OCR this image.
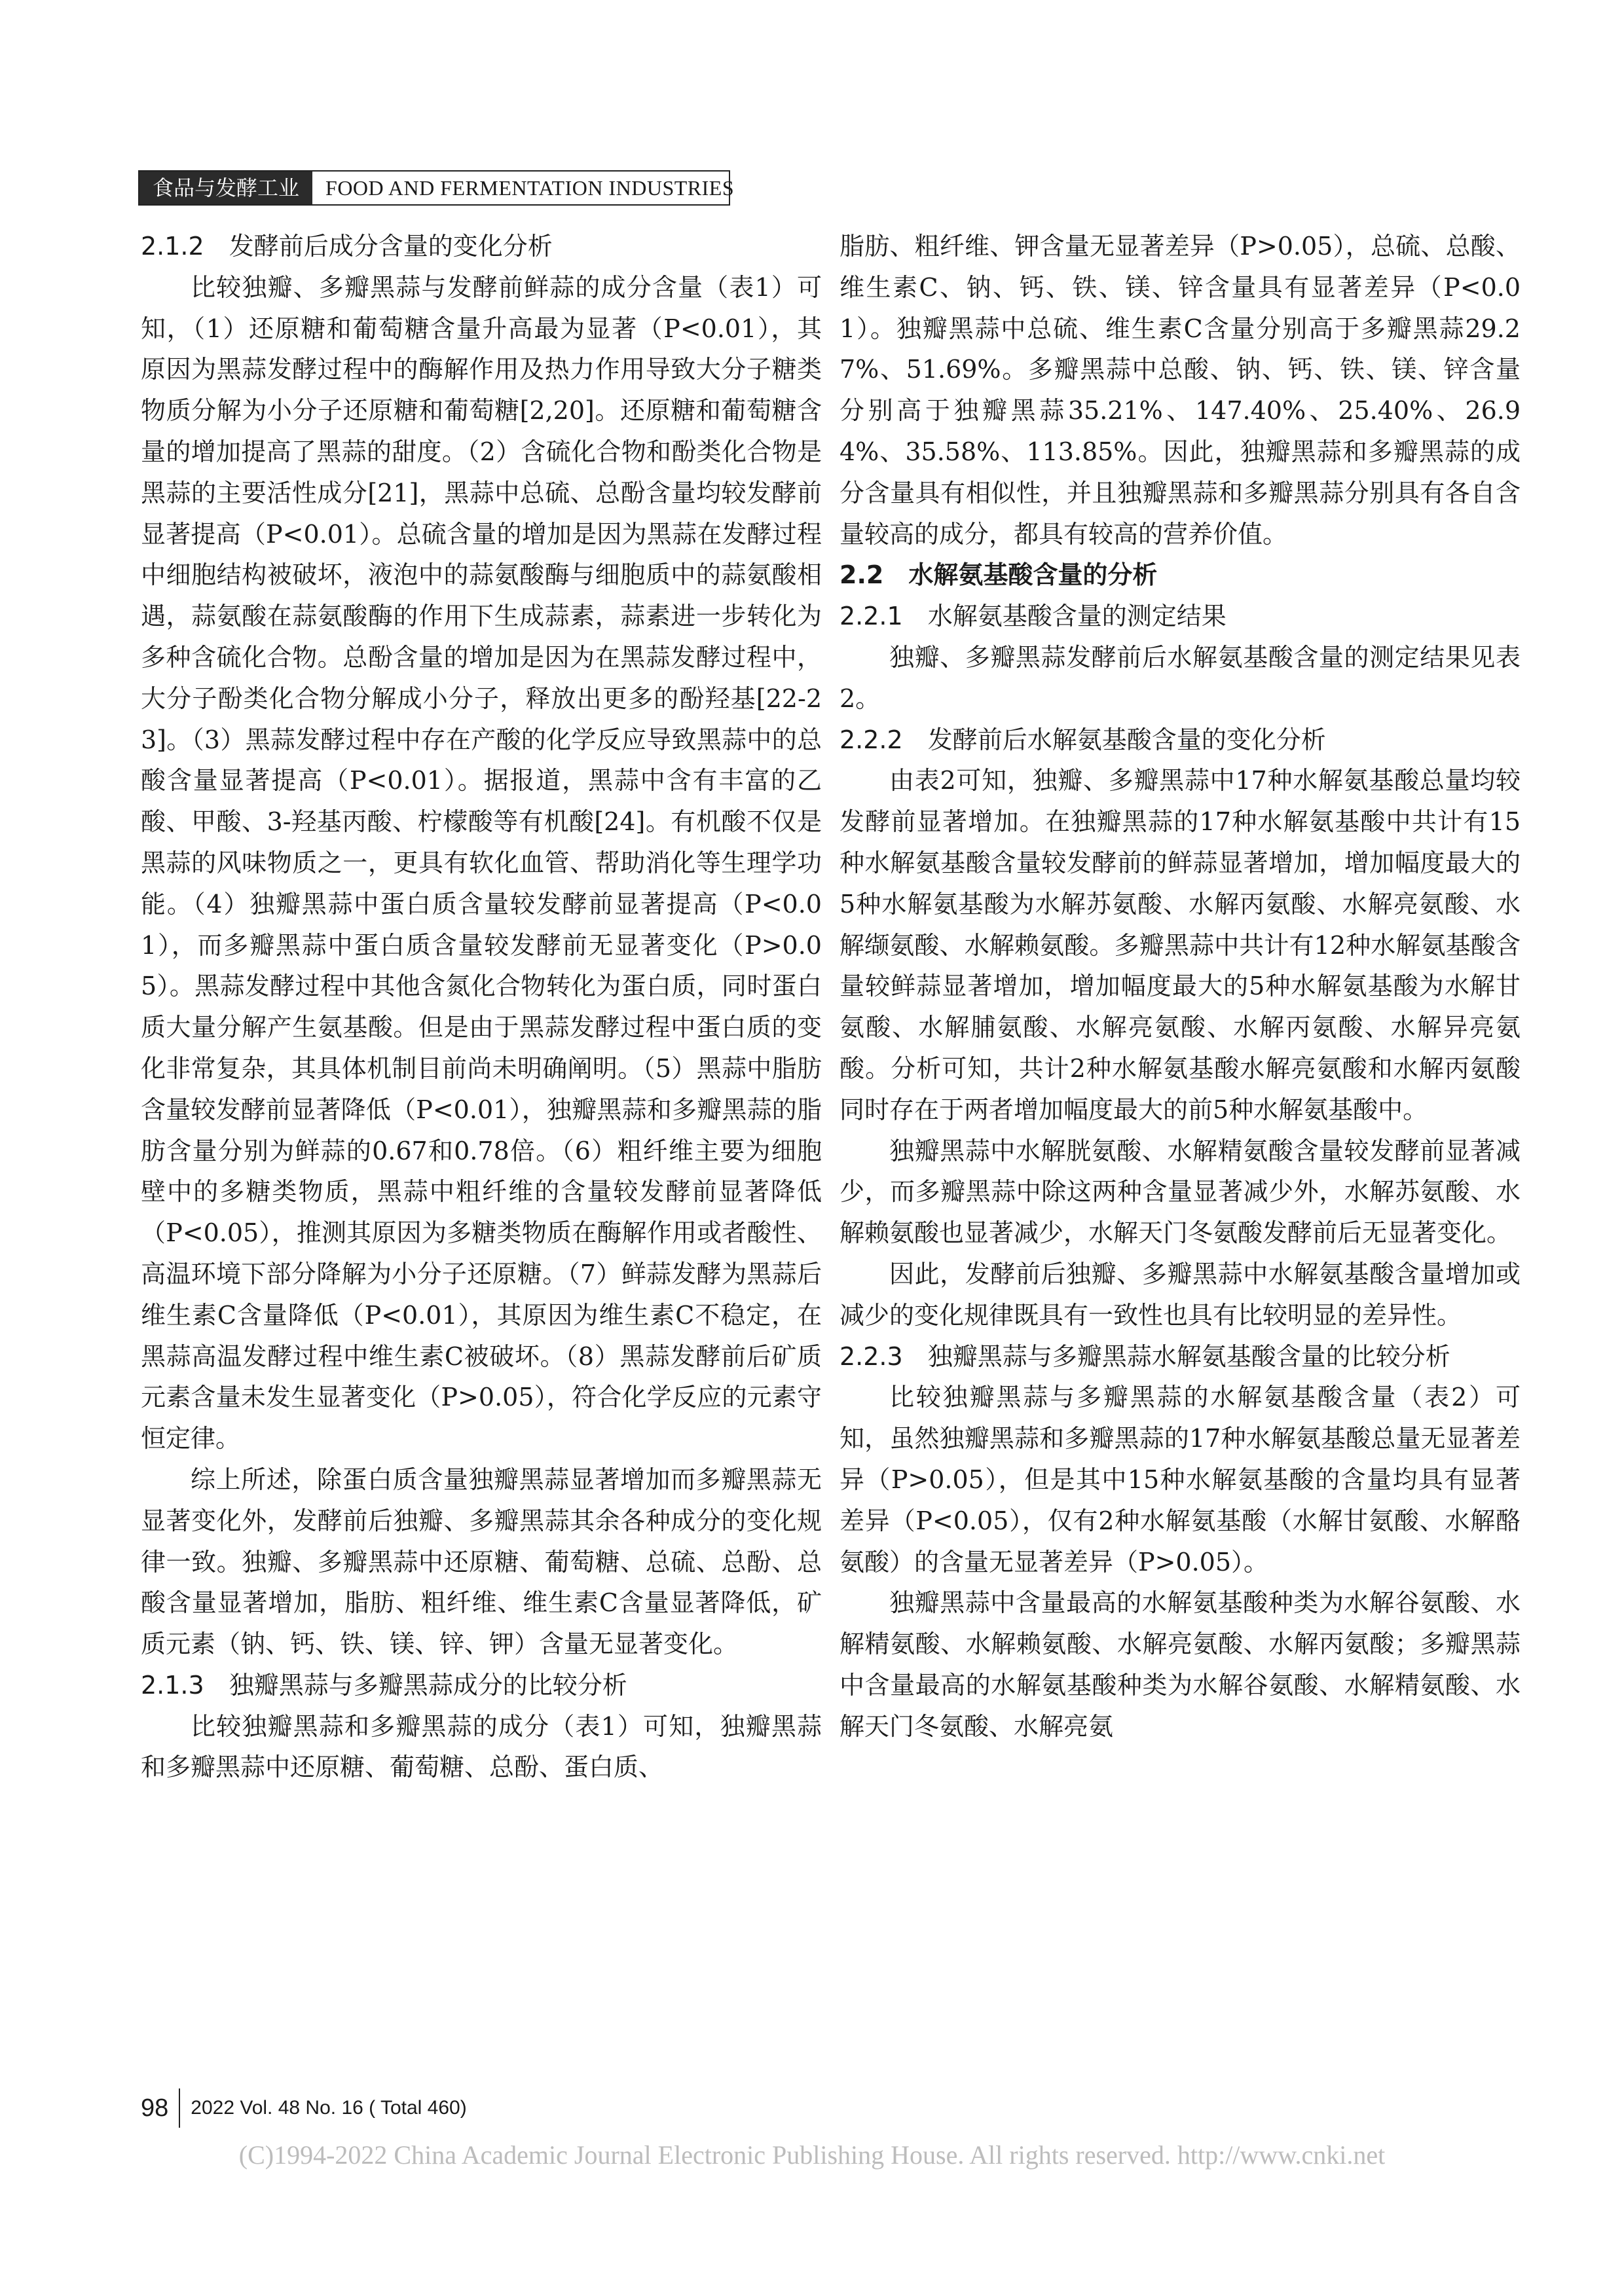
食品与发酵工业	FOOD AND FERMENTATION INDUSTRIES
2.1.2　发酵前后成分含量的变化分析

比较独瓣、多瓣黑蒜与发酵前鲜蒜的成分含量（表1）可知，（1）还原糖和葡萄糖含量升高最为显著（P<0.01），其原因为黑蒜发酵过程中的酶解作用及热力作用导致大分子糖类物质分解为小分子还原糖和葡萄糖[2,20]。还原糖和葡萄糖含量的增加提高了黑蒜的甜度。（2）含硫化合物和酚类化合物是黑蒜的主要活性成分[21]，黑蒜中总硫、总酚含量均较发酵前显著提高（P<0.01）。总硫含量的增加是因为黑蒜在发酵过程中细胞结构被破坏，液泡中的蒜氨酸酶与细胞质中的蒜氨酸相遇，蒜氨酸在蒜氨酸酶的作用下生成蒜素，蒜素进一步转化为多种含硫化合物。总酚含量的增加是因为在黑蒜发酵过程中，大分子酚类化合物分解成小分子，释放出更多的酚羟基[22-23]。（3）黑蒜发酵过程中存在产酸的化学反应导致黑蒜中的总酸含量显著提高（P<0.01）。据报道，黑蒜中含有丰富的乙酸、甲酸、3-羟基丙酸、柠檬酸等有机酸[24]。有机酸不仅是黑蒜的风味物质之一，更具有软化血管、帮助消化等生理学功能。（4）独瓣黑蒜中蛋白质含量较发酵前显著提高（P<0.01），而多瓣黑蒜中蛋白质含量较发酵前无显著变化（P>0.05）。黑蒜发酵过程中其他含氮化合物转化为蛋白质，同时蛋白质大量分解产生氨基酸。但是由于黑蒜发酵过程中蛋白质的变化非常复杂，其具体机制目前尚未明确阐明。（5）黑蒜中脂肪含量较发酵前显著降低（P<0.01），独瓣黑蒜和多瓣黑蒜的脂肪含量分别为鲜蒜的0.67和0.78倍。（6）粗纤维主要为细胞壁中的多糖类物质，黑蒜中粗纤维的含量较发酵前显著降低（P<0.05），推测其原因为多糖类物质在酶解作用或者酸性、高温环境下部分降解为小分子还原糖。（7）鲜蒜发酵为黑蒜后维生素C含量降低（P<0.01），其原因为维生素C不稳定，在黑蒜高温发酵过程中维生素C被破坏。（8）黑蒜发酵前后矿质元素含量未发生显著变化（P>0.05），符合化学反应的元素守恒定律。

综上所述，除蛋白质含量独瓣黑蒜显著增加而多瓣黑蒜无显著变化外，发酵前后独瓣、多瓣黑蒜其余各种成分的变化规律一致。独瓣、多瓣黑蒜中还原糖、葡萄糖、总硫、总酚、总酸含量显著增加，脂肪、粗纤维、维生素C含量显著降低，矿质元素（钠、钙、铁、镁、锌、钾）含量无显著变化。

2.1.3　独瓣黑蒜与多瓣黑蒜成分的比较分析

比较独瓣黑蒜和多瓣黑蒜的成分（表1）可知，独瓣黑蒜和多瓣黑蒜中还原糖、葡萄糖、总酚、蛋白质、

脂肪、粗纤维、钾含量无显著差异（P>0.05），总硫、总酸、维生素C、钠、钙、铁、镁、锌含量具有显著差异（P<0.01）。独瓣黑蒜中总硫、维生素C含量分别高于多瓣黑蒜29.27%、51.69%。多瓣黑蒜中总酸、钠、钙、铁、镁、锌含量分别高于独瓣黑蒜35.21%、147.40%、25.40%、26.94%、35.58%、113.85%。因此，独瓣黑蒜和多瓣黑蒜的成分含量具有相似性，并且独瓣黑蒜和多瓣黑蒜分别具有各自含量较高的成分，都具有较高的营养价值。

2.2　水解氨基酸含量的分析
2.2.1　水解氨基酸含量的测定结果

独瓣、多瓣黑蒜发酵前后水解氨基酸含量的测定结果见表2。

2.2.2　发酵前后水解氨基酸含量的变化分析

由表2可知，独瓣、多瓣黑蒜中17种水解氨基酸总量均较发酵前显著增加。在独瓣黑蒜的17种水解氨基酸中共计有15种水解氨基酸含量较发酵前的鲜蒜显著增加，增加幅度最大的5种水解氨基酸为水解苏氨酸、水解丙氨酸、水解亮氨酸、水解缬氨酸、水解赖氨酸。多瓣黑蒜中共计有12种水解氨基酸含量较鲜蒜显著增加，增加幅度最大的5种水解氨基酸为水解甘氨酸、水解脯氨酸、水解亮氨酸、水解丙氨酸、水解异亮氨酸。分析可知，共计2种水解氨基酸水解亮氨酸和水解丙氨酸同时存在于两者增加幅度最大的前5种水解氨基酸中。

独瓣黑蒜中水解胱氨酸、水解精氨酸含量较发酵前显著减少，而多瓣黑蒜中除这两种含量显著减少外，水解苏氨酸、水解赖氨酸也显著减少，水解天门冬氨酸发酵前后无显著变化。

因此，发酵前后独瓣、多瓣黑蒜中水解氨基酸含量增加或减少的变化规律既具有一致性也具有比较明显的差异性。

2.2.3　独瓣黑蒜与多瓣黑蒜水解氨基酸含量的比较分析

比较独瓣黑蒜与多瓣黑蒜的水解氨基酸含量（表2）可知，虽然独瓣黑蒜和多瓣黑蒜的17种水解氨基酸总量无显著差异（P>0.05），但是其中15种水解氨基酸的含量均具有显著差异（P<0.05），仅有2种水解氨基酸（水解甘氨酸、水解酪氨酸）的含量无显著差异（P>0.05）。

独瓣黑蒜中含量最高的水解氨基酸种类为水解谷氨酸、水解精氨酸、水解赖氨酸、水解亮氨酸、水解丙氨酸；多瓣黑蒜中含量最高的水解氨基酸种类为水解谷氨酸、水解精氨酸、水解天门冬氨酸、水解亮氨

98	2022 Vol. 48 No. 16 ( Total 460)
(C)1994-2022 China Academic Journal Electronic Publishing House. All rights reserved. http://www.cnki.net
